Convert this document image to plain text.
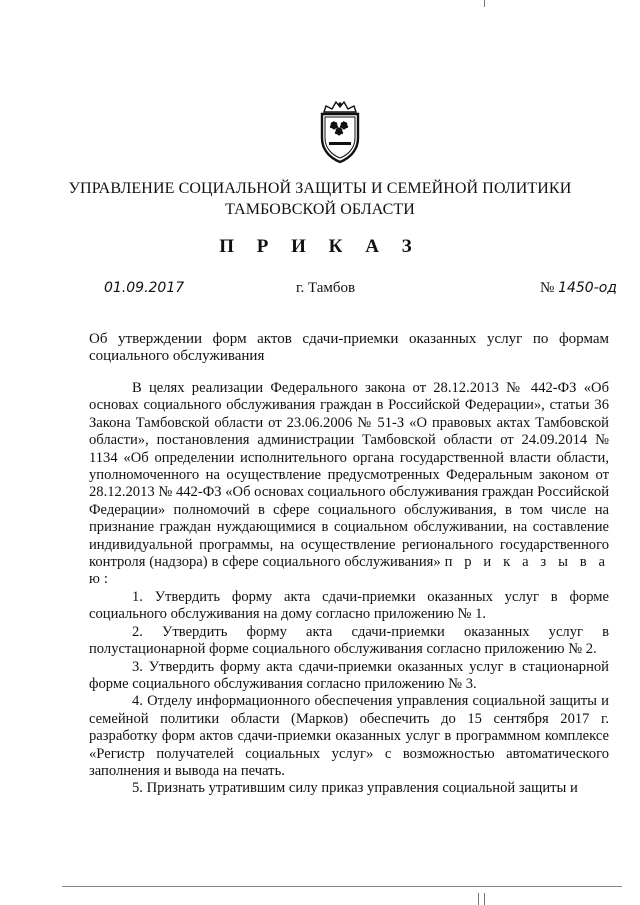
УПРАВЛЕНИЕ СОЦИАЛЬНОЙ ЗАЩИТЫ И СЕМЕЙНОЙ ПОЛИТИКИ ТАМБОВСКОЙ ОБЛАСТИ
П Р И К А З
01.09.2017	г. Тамбов	№ 1450-од
Об утверждении форм актов сдачи-приемки оказанных услуг по формам социального обслуживания

В целях реализации Федерального закона от 28.12.2013 № 442-ФЗ «Об основах социального обслуживания граждан в Российской Федерации», статьи 36 Закона Тамбовской области от 23.06.2006 № 51-З «О правовых актах Тамбовской области», постановления администрации Тамбовской области от 24.09.2014 № 1134 «Об определении исполнительного органа государственной власти области, уполномоченного на осуществление предусмотренных Федеральным законом от 28.12.2013 № 442-ФЗ «Об основах социального обслуживания граждан Российской Федерации» полномочий в сфере социального обслуживания, в том числе на признание граждан нуждающимися в социальном обслуживании, на составление индивидуальной программы, на осуществление регионального государственного контроля (надзора) в сфере социального обслуживания» п р и к а з ы в а ю:

1. Утвердить форму акта сдачи-приемки оказанных услуг в форме социального обслуживания на дому согласно приложению № 1.

2. Утвердить форму акта сдачи-приемки оказанных услуг в полустационарной форме социального обслуживания согласно приложению № 2.

3. Утвердить форму акта сдачи-приемки оказанных услуг в стационарной форме социального обслуживания согласно приложению № 3.

4. Отделу информационного обеспечения управления социальной защиты и семейной политики области (Марков) обеспечить до 15 сентября 2017 г. разработку форм актов сдачи-приемки оказанных услуг в программном комплексе «Регистр получателей социальных услуг» с возможностью автоматического заполнения и вывода на печать.

5. Признать утратившим силу приказ управления социальной защиты и
